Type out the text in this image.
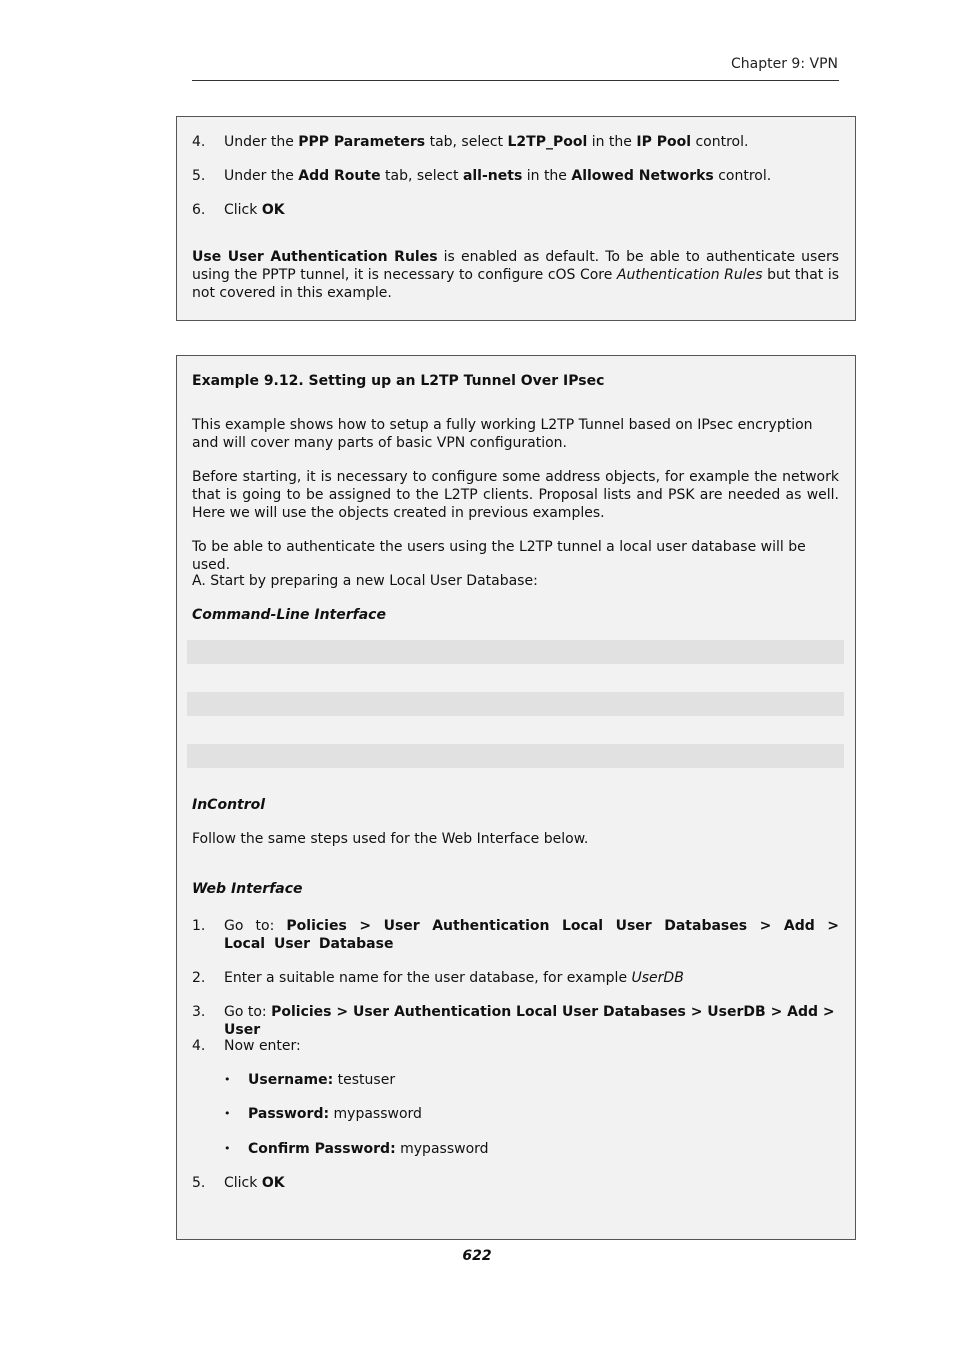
Chapter 9: VPN
4. Under the PPP Parameters tab, select L2TP_Pool in the IP Pool control.
5. Under the Add Route tab, select all-nets in the Allowed Networks control.
6. Click OK
Use User Authentication Rules is enabled as default. To be able to authenticate users using the PPTP tunnel, it is necessary to configure cOS Core Authentication Rules but that is not covered in this example.
Example 9.12. Setting up an L2TP Tunnel Over IPsec
This example shows how to setup a fully working L2TP Tunnel based on IPsec encryption and will cover many parts of basic VPN configuration.
Before starting, it is necessary to configure some address objects, for example the network that is going to be assigned to the L2TP clients. Proposal lists and PSK are needed as well. Here we will use the objects created in previous examples.
To be able to authenticate the users using the L2TP tunnel a local user database will be used.
A. Start by preparing a new Local User Database:
Command-Line Interface
InControl
Follow the same steps used for the Web Interface below.
Web Interface
1. Go to: Policies > User Authentication Local User Databases > Add > Local User Database
2. Enter a suitable name for the user database, for example UserDB
3. Go to: Policies > User Authentication Local User Databases > UserDB > Add > User
4. Now enter:
• Username: testuser
• Password: mypassword
• Confirm Password: mypassword
5. Click OK
622
